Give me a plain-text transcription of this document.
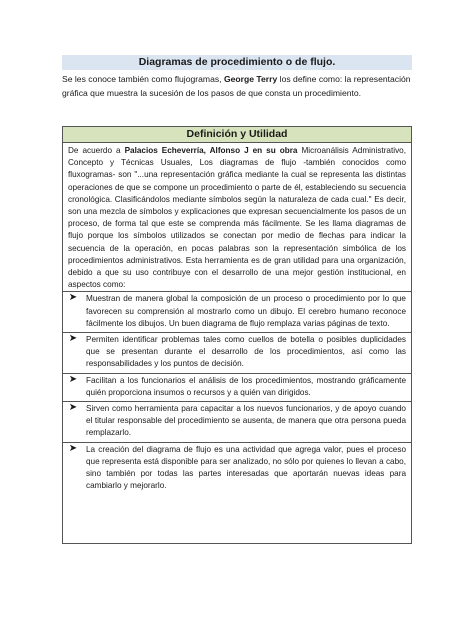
Diagramas de procedimiento o de flujo.
Se les conoce también como flujogramas, George Terry los define como: la representación gráfica que muestra la sucesión de los pasos de que consta un procedimiento.
Definición y Utilidad
De acuerdo a Palacios Echeverría, Alfonso J en su obra Microanálisis Administrativo, Concepto y Técnicas Usuales, Los diagramas de flujo -también conocidos como fluxogramas- son "...una representación gráfica mediante la cual se representa las distintas operaciones de que se compone un procedimiento o parte de él, estableciendo su secuencia cronológica. Clasificándolos mediante símbolos según la naturaleza de cada cual." Es decir, son una mezcla de símbolos y explicaciones que expresan secuencialmente los pasos de un proceso, de forma tal que este se comprenda más fácilmente. Se les llama diagramas de flujo porque los símbolos utilizados se conectan por medio de flechas para indicar la secuencia de la operación, en pocas palabras son la representación simbólica de los procedimientos administrativos. Esta herramienta es de gran utilidad para una organización, debido a que su uso contribuye con el desarrollo de una mejor gestión institucional, en aspectos como:
➤	Muestran de manera global la composición de un proceso o procedimiento por lo que favorecen su comprensión al mostrarlo como un dibujo. El cerebro humano reconoce fácilmente los dibujos. Un buen diagrama de flujo remplaza varias páginas de texto.
➤	Permiten identificar problemas tales como cuellos de botella o posibles duplicidades que se presentan durante el desarrollo de los procedimientos, así como las responsabilidades y los puntos de decisión.
➤	Facilitan a los funcionarios el análisis de los procedimientos, mostrando gráficamente quién proporciona insumos o recursos y a quién van dirigidos.
➤	Sirven como herramienta para capacitar a los nuevos funcionarios, y de apoyo cuando el titular responsable del procedimiento se ausenta, de manera que otra persona pueda remplazarlo.
➤	La creación del diagrama de flujo es una actividad que agrega valor, pues el proceso que representa está disponible para ser analizado, no sólo por quienes lo llevan a cabo, sino también por todas las partes interesadas que aportarán nuevas ideas para cambiarlo y mejorarlo.
